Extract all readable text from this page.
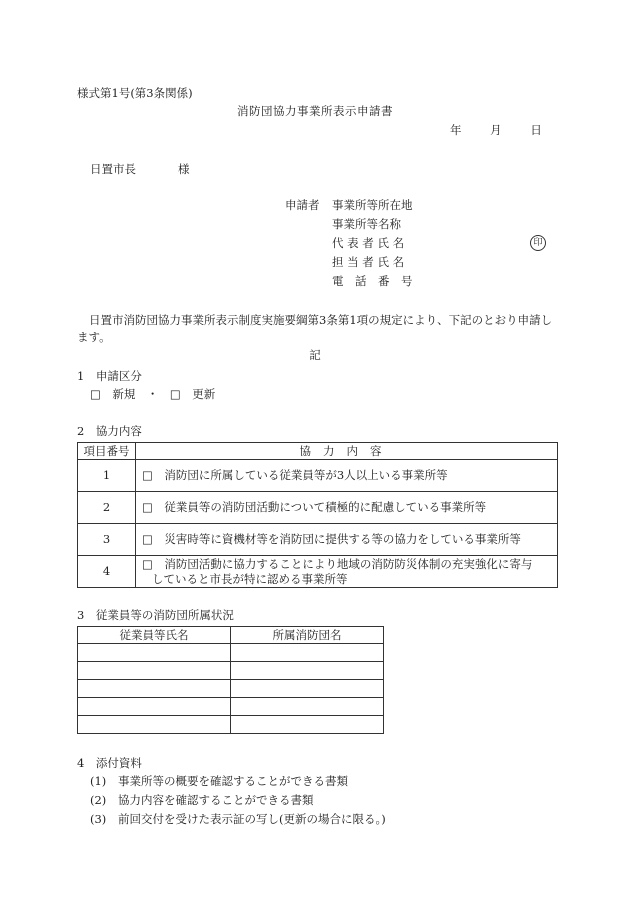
様式第1号(第3条関係)
消防団協力事業所表示申請書
年 月 日
日置市長	様
申請者 事業所等所在地
事業所等名称
代 表 者 氏 名
担 当 者 氏 名
電　話　番　号
印
日置市消防団協力事業所表示制度実施要綱第3条第1項の規定により、下記のとおり申請します。
記
1　申請区分
□　新規　・　□　更新
2　協力内容
項目番号	協力内容
1	□　消防団に所属している従業員等が3人以上いる事業所等

2	□　従業員等の消防団活動について積極的に配慮している事業所等

3	□　災害時等に資機材等を消防団に提供する等の協力をしている事業所等

4	□　消防団活動に協力することにより地域の消防防災体制の充実強化に寄与
していると市長が特に認める事業所等
3　従業員等の消防団所属状況
従業員等氏名	所属消防団名

4　添付資料
(1) 事業所等の概要を確認することができる書類
(2) 協力内容を確認することができる書類
(3) 前回交付を受けた表示証の写し(更新の場合に限る。)
